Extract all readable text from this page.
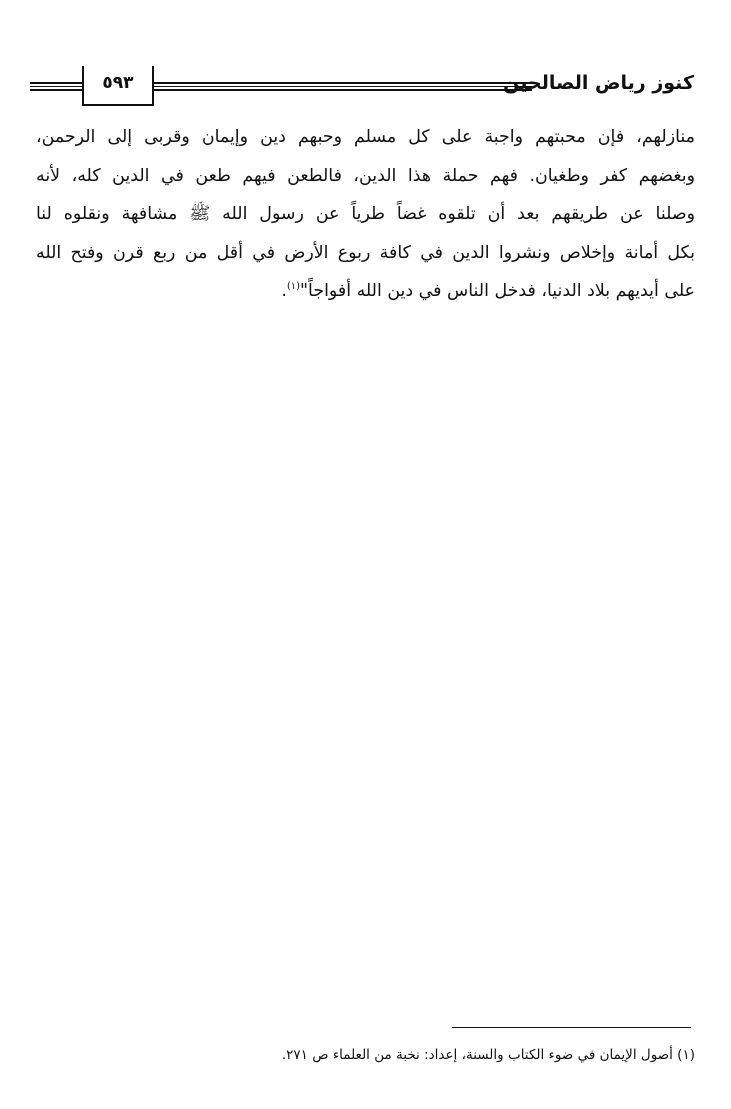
٥٩٣	كنوز رياض الصالحين
منازلهم، فإن محبتهم واجبة على كل مسلم وحبهم دين وإيمان وقربى إلى الرحمن،
وبغضهم كفر وطغيان. فهم حملة هذا الدين، فالطعن فيهم طعن في الدين كله، لأنه
وصلنا عن طريقهم بعد أن تلقوه غضاً طرياً عن رسول الله ﷺ مشافهة ونقلوه لنا
بكل أمانة وإخلاص ونشروا الدين في كافة ربوع الأرض في أقل من ربع قرن وفتح الله
على أيديهم بلاد الدنيا، فدخل الناس في دين الله أفواجاً"$^{(١)}$.
(١) أصول الإيمان في ضوء الكتاب والسنة، إعداد: نخبة من العلماء ص ٢٧١.
